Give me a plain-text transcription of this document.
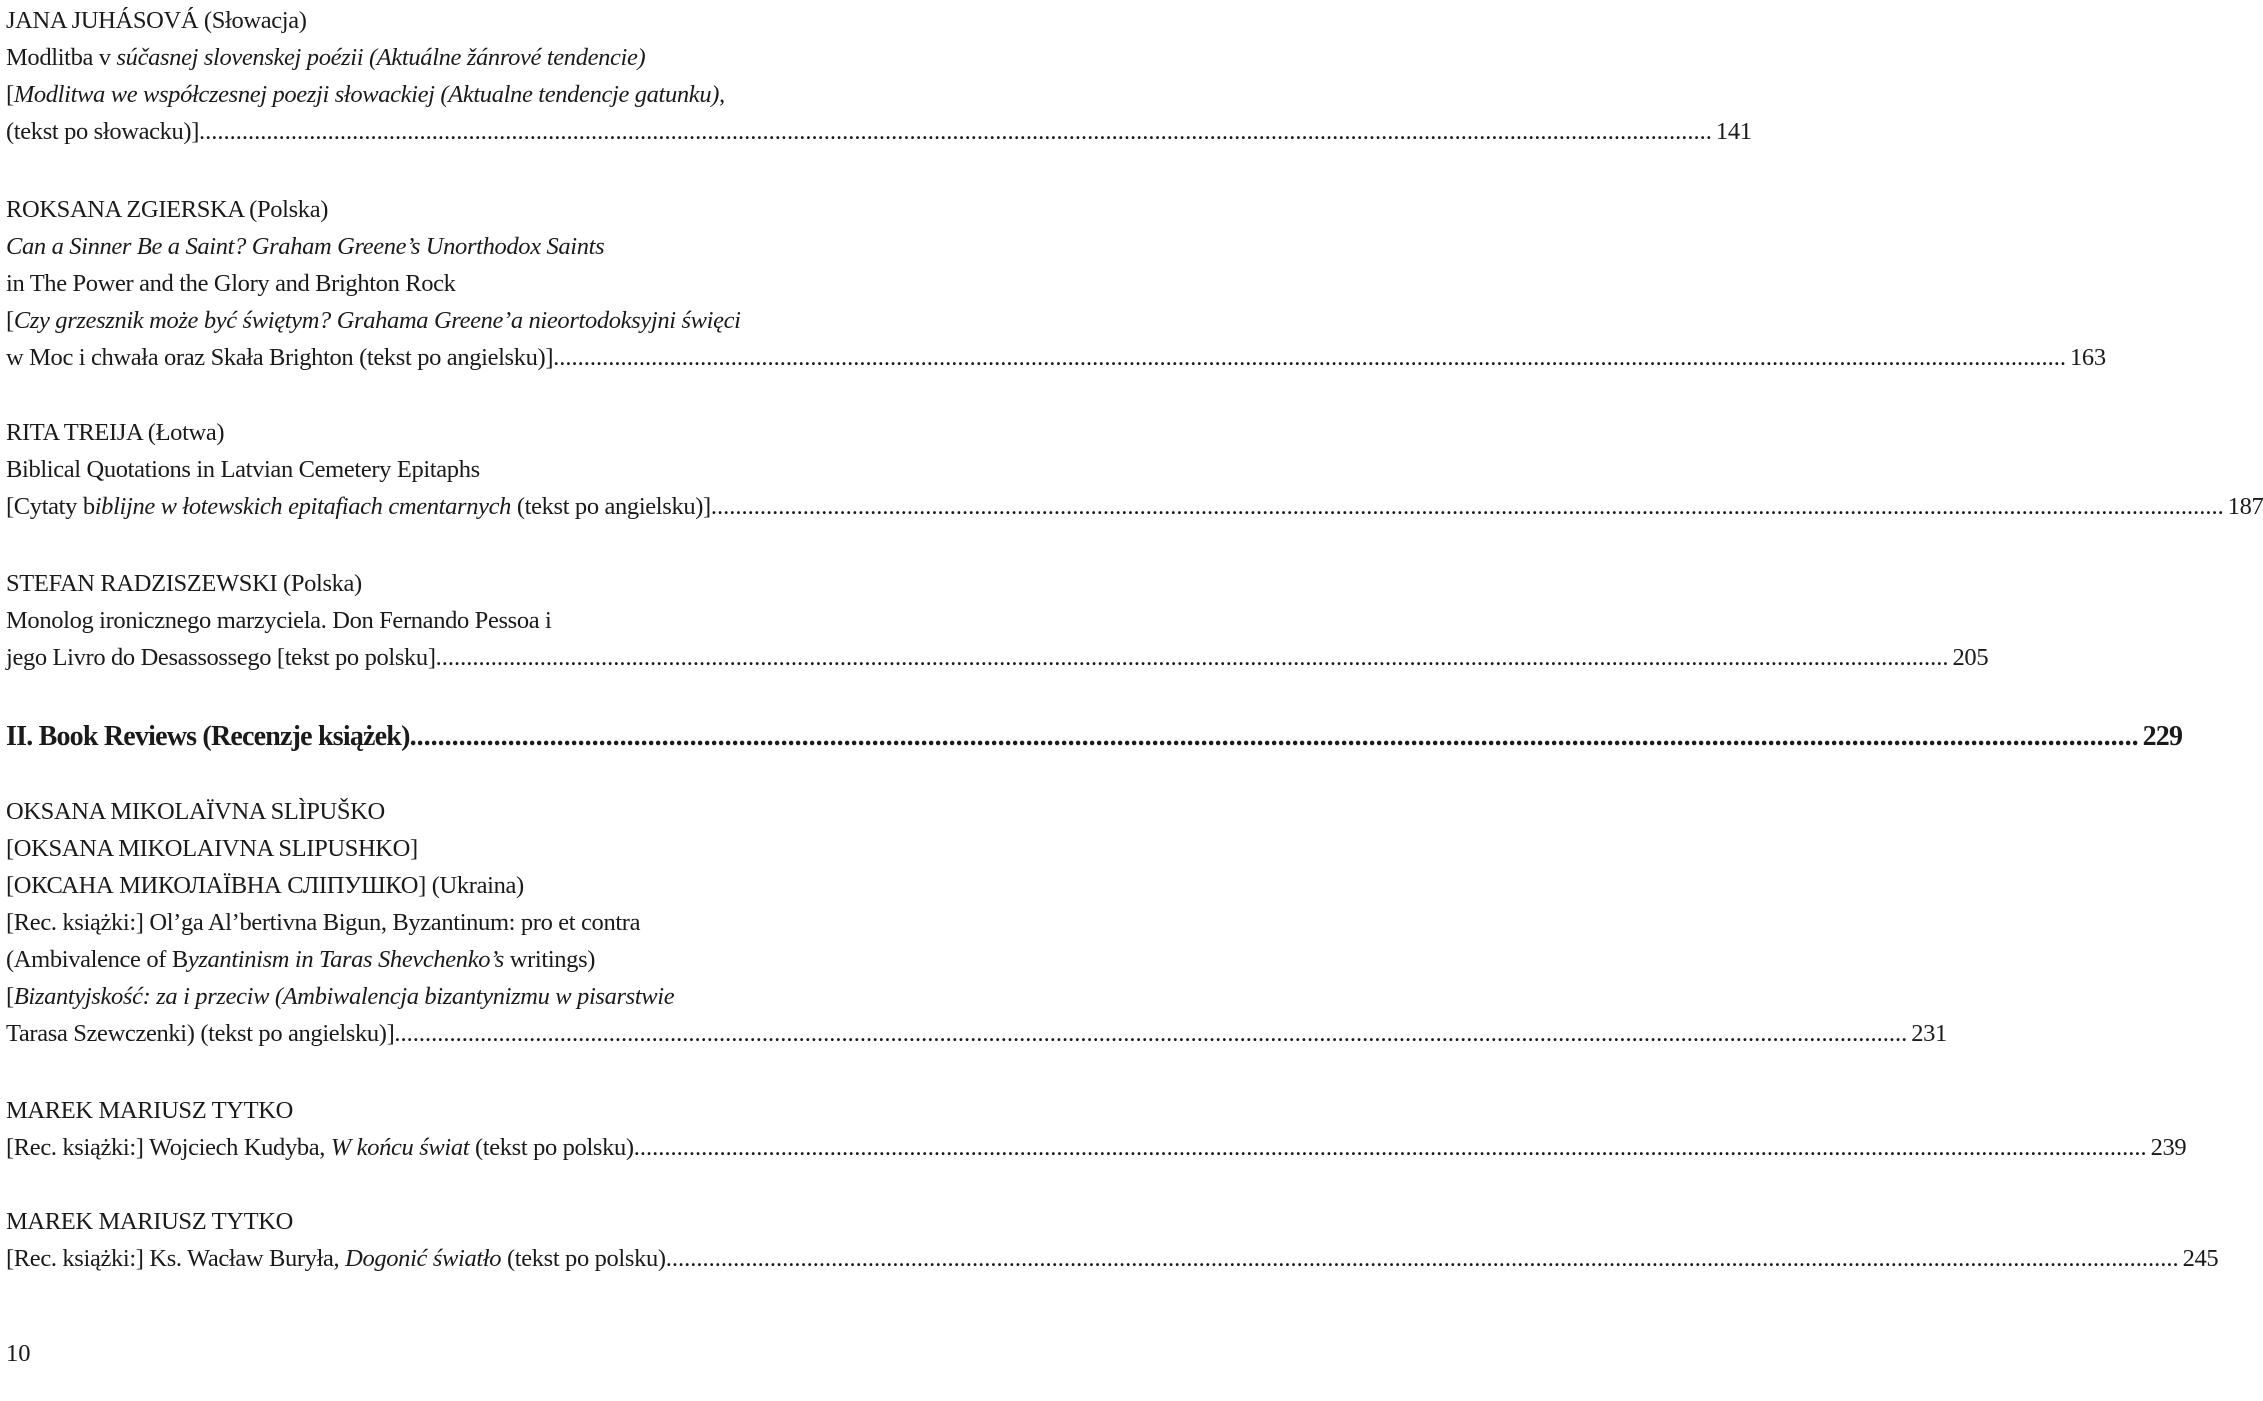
JANA JUHÁSOVÁ (Słowacja)
Modlitba v súčasnej slovenskej poézii (Aktuálne žánrové tendencie)
[Modlitwa we współczesnej poezji słowackiej (Aktualne tendencje gatunku),
(tekst po słowacku)] ....................................................................................................................................................................................................................................................... 141
ROKSANA ZGIERSKA (Polska)
Can a Sinner Be a Saint? Graham Greene’s Unorthodox Saints
in The Power and the Glory and Brighton Rock
[Czy grzesznik może być świętym? Grahama Greene’a nieortodoksyjni święci
w Moc i chwała oraz Skała Brighton (tekst po angielsku)] ....................................................................................................................................................................................................................................................... 163
RITA TREIJA (Łotwa)
Biblical Quotations in Latvian Cemetery Epitaphs
[Cytaty biblijne w łotewskich epitafiach cmentarnych (tekst po angielsku)] ....................................................................................................................................................................................................................................................... 187
STEFAN RADZISZEWSKI (Polska)
Monolog ironicznego marzyciela. Don Fernando Pessoa i
jego Livro do Desassossego [tekst po polsku] ....................................................................................................................................................................................................................................................... 205
II. Book Reviews (Recenzje książek) ....................................................................................................................................................................................................................................................... 229
OKSANA MIKOLAÏVNA SLÌPUŠKO
[OKSANA MIKOLAIVNA SLIPUSHKO]
[ОКСАНА МИКОЛАЇВНА СЛІПУШКО] (Ukraina)
[Rec. książki:] Ol’ga Al’bertivna Bigun, Byzantinum: pro et contra
(Ambivalence of Byzantinism in Taras Shevchenko’s writings)
[Bizantyjskość: za i przeciw (Ambiwalencja bizantynizmu w pisarstwie
Tarasa Szewczenki) (tekst po angielsku)] ....................................................................................................................................................................................................................................................... 231
MAREK MARIUSZ TYTKO
[Rec. książki:] Wojciech Kudyba, W końcu świat (tekst po polsku) ....................................................................................................................................................................................................................................................... 239
MAREK MARIUSZ TYTKO
[Rec. książki:] Ks. Wacław Buryła, Dogonić światło (tekst po polsku) ....................................................................................................................................................................................................................................................... 245
10
